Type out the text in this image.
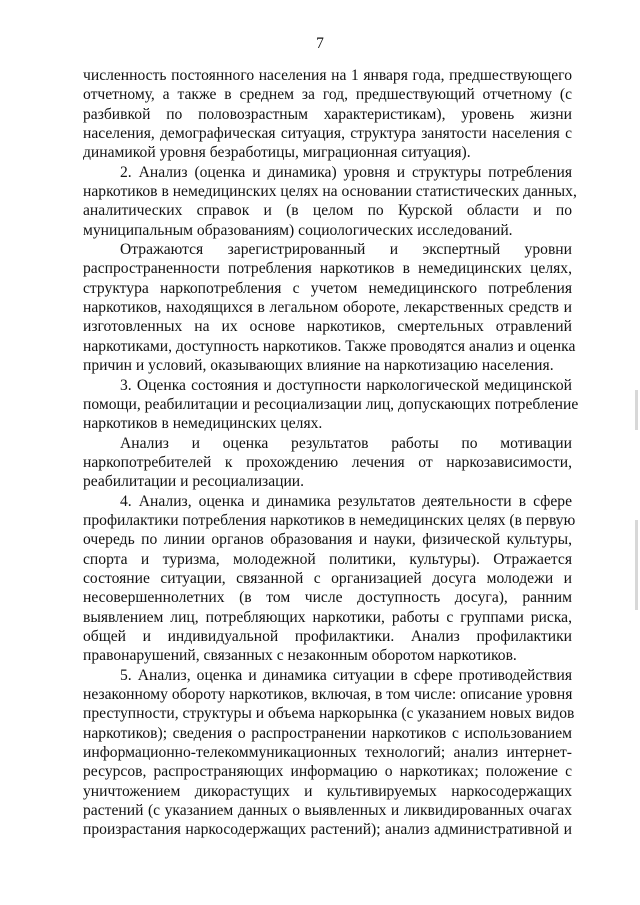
7
численность постоянного населения на 1 января года, предшествующего
отчетному, а также в среднем за год, предшествующий отчетному (с
разбивкой по половозрастным характеристикам), уровень жизни
населения, демографическая ситуация, структура занятости населения с
динамикой уровня безработицы, миграционная ситуация).
2. Анализ (оценка и динамика) уровня и структуры потребления
наркотиков в немедицинских целях на основании статистических данных,
аналитических справок и (в целом по Курской области и по
муниципальным образованиям) социологических исследований.
Отражаются зарегистрированный и экспертный уровни
распространенности потребления наркотиков в немедицинских целях,
структура наркопотребления с учетом немедицинского потребления
наркотиков, находящихся в легальном обороте, лекарственных средств и
изготовленных на их основе наркотиков, смертельных отравлений
наркотиками, доступность наркотиков. Также проводятся анализ и оценка
причин и условий, оказывающих влияние на наркотизацию населения.
3. Оценка состояния и доступности наркологической медицинской
помощи, реабилитации и ресоциализации лиц, допускающих потребление
наркотиков в немедицинских целях.
Анализ и оценка результатов работы по мотивации
наркопотребителей к прохождению лечения от наркозависимости,
реабилитации и ресоциализации.
4. Анализ, оценка и динамика результатов деятельности в сфере
профилактики потребления наркотиков в немедицинских целях (в первую
очередь по линии органов образования и науки, физической культуры,
спорта и туризма, молодежной политики, культуры). Отражается
состояние ситуации, связанной с организацией досуга молодежи и
несовершеннолетних (в том числе доступность досуга), ранним
выявлением лиц, потребляющих наркотики, работы с группами риска,
общей и индивидуальной профилактики. Анализ профилактики
правонарушений, связанных с незаконным оборотом наркотиков.
5. Анализ, оценка и динамика ситуации в сфере противодействия
незаконному обороту наркотиков, включая, в том числе: описание уровня
преступности, структуры и объема наркорынка (с указанием новых видов
наркотиков); сведения о распространении наркотиков с использованием
информационно-телекоммуникационных технологий; анализ интернет-
ресурсов, распространяющих информацию о наркотиках; положение с
уничтожением дикорастущих и культивируемых наркосодержащих
растений (с указанием данных о выявленных и ликвидированных очагах
произрастания наркосодержащих растений); анализ административной и
